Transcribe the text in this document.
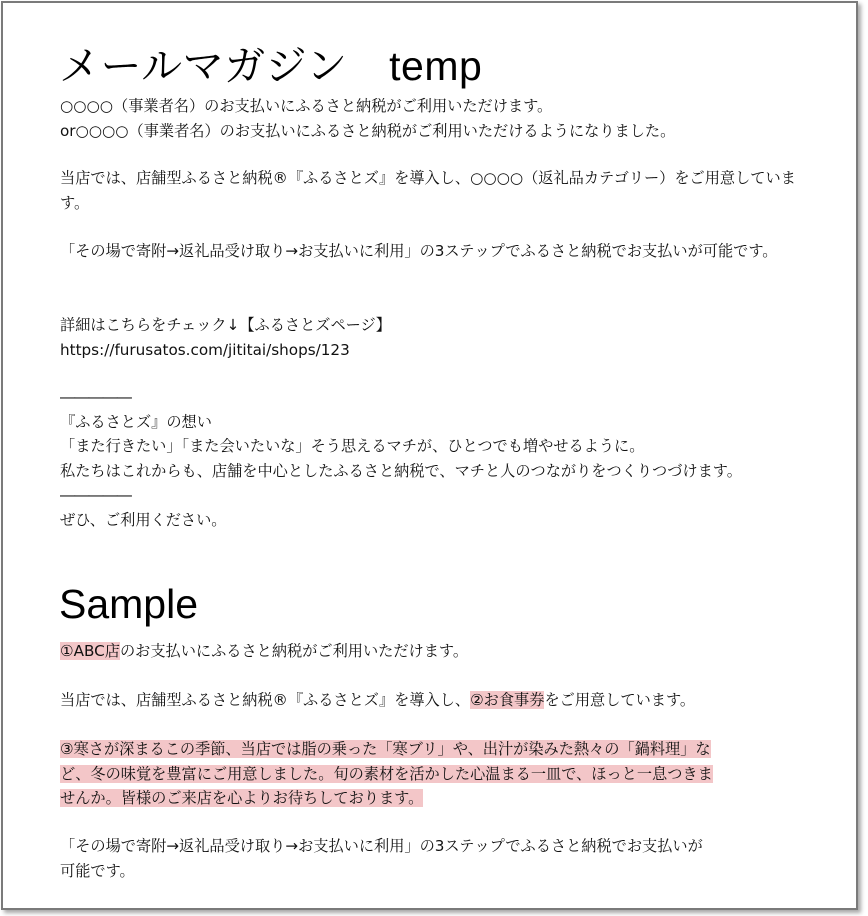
メールマガジン　temp
○○○○（事業者名）のお支払いにふるさと納税がご利用いただけます。
or○○○○（事業者名）のお支払いにふるさと納税がご利用いただけるようになりました。
当店では、店舗型ふるさと納税®『ふるさとズ』を導入し、○○○○（返礼品カテゴリー）をご用意しています。
「その場で寄附→返礼品受け取り→お支払いに利用」の3ステップでふるさと納税でお支払いが可能です。
詳細はこちらをチェック↓【ふるさとズページ】
https://furusatos.com/jititai/shops/123
―――――
『ふるさとズ』の想い
「また行きたい」「また会いたいな」そう思えるマチが、ひとつでも増やせるように。
私たちはこれからも、店舗を中心としたふるさと納税で、マチと人のつながりをつくりつづけます。
―――――
ぜひ、ご利用ください。
Sample
①ABC店のお支払いにふるさと納税がご利用いただけます。
当店では、店舗型ふるさと納税®『ふるさとズ』を導入し、②お食事券をご用意しています。
③寒さが深まるこの季節、当店では脂の乗った「寒ブリ」や、出汁が染みた熱々の「鍋料理」な
ど、冬の味覚を豊富にご用意しました。旬の素材を活かした心温まる一皿で、ほっと一息つきま
せんか。皆様のご来店を心よりお待ちしております。
「その場で寄附→返礼品受け取り→お支払いに利用」の3ステップでふるさと納税でお支払いが
可能です。
